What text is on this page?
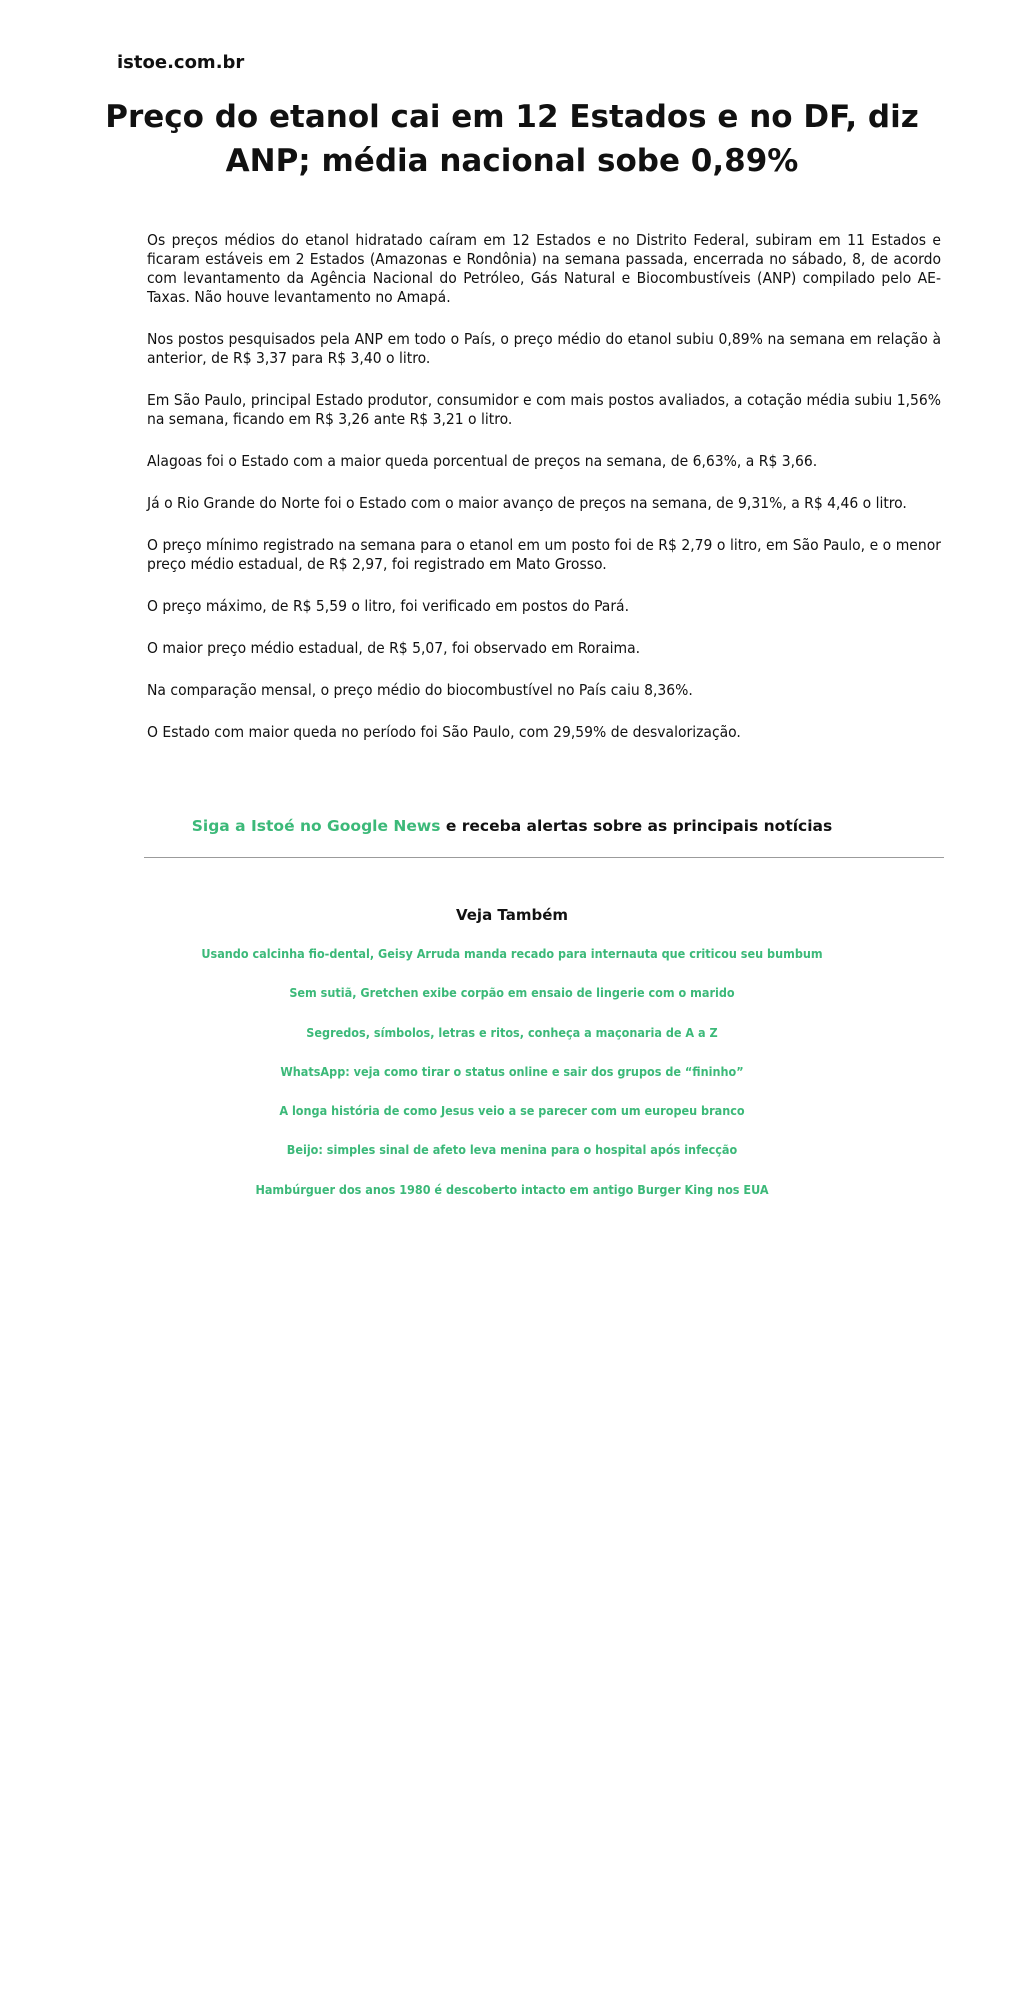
istoe.com.br
Preço do etanol cai em 12 Estados e no DF, diz ANP; média nacional sobe 0,89%

Os preços médios do etanol hidratado caíram em 12 Estados e no Distrito Federal, subiram em 11 Estados e ficaram estáveis em 2 Estados (Amazonas e Rondônia) na semana passada, encerrada no sábado, 8, de acordo com levantamento da Agência Nacional do Petróleo, Gás Natural e Biocombustíveis (ANP) compilado pelo AE-Taxas. Não houve levantamento no Amapá.

Nos postos pesquisados pela ANP em todo o País, o preço médio do etanol subiu 0,89% na semana em relação à anterior, de R$ 3,37 para R$ 3,40 o litro.

Em São Paulo, principal Estado produtor, consumidor e com mais postos avaliados, a cotação média subiu 1,56% na semana, ficando em R$ 3,26 ante R$ 3,21 o litro.

Alagoas foi o Estado com a maior queda porcentual de preços na semana, de 6,63%, a R$ 3,66.

Já o Rio Grande do Norte foi o Estado com o maior avanço de preços na semana, de 9,31%, a R$ 4,46 o litro.

O preço mínimo registrado na semana para o etanol em um posto foi de R$ 2,79 o litro, em São Paulo, e o menor preço médio estadual, de R$ 2,97, foi registrado em Mato Grosso.

O preço máximo, de R$ 5,59 o litro, foi verificado em postos do Pará.

O maior preço médio estadual, de R$ 5,07, foi observado em Roraima.

Na comparação mensal, o preço médio do biocombustível no País caiu 8,36%.

O Estado com maior queda no período foi São Paulo, com 29,59% de desvalorização.

Siga a Istoé no Google News e receba alertas sobre as principais notícias

Veja Também
Usando calcinha fio-dental, Geisy Arruda manda recado para internauta que criticou seu bumbum
Sem sutiã, Gretchen exibe corpão em ensaio de lingerie com o marido
Segredos, símbolos, letras e ritos, conheça a maçonaria de A a Z
WhatsApp: veja como tirar o status online e sair dos grupos de “fininho”
A longa história de como Jesus veio a se parecer com um europeu branco
Beijo: simples sinal de afeto leva menina para o hospital após infecção
Hambúrguer dos anos 1980 é descoberto intacto em antigo Burger King nos EUA
